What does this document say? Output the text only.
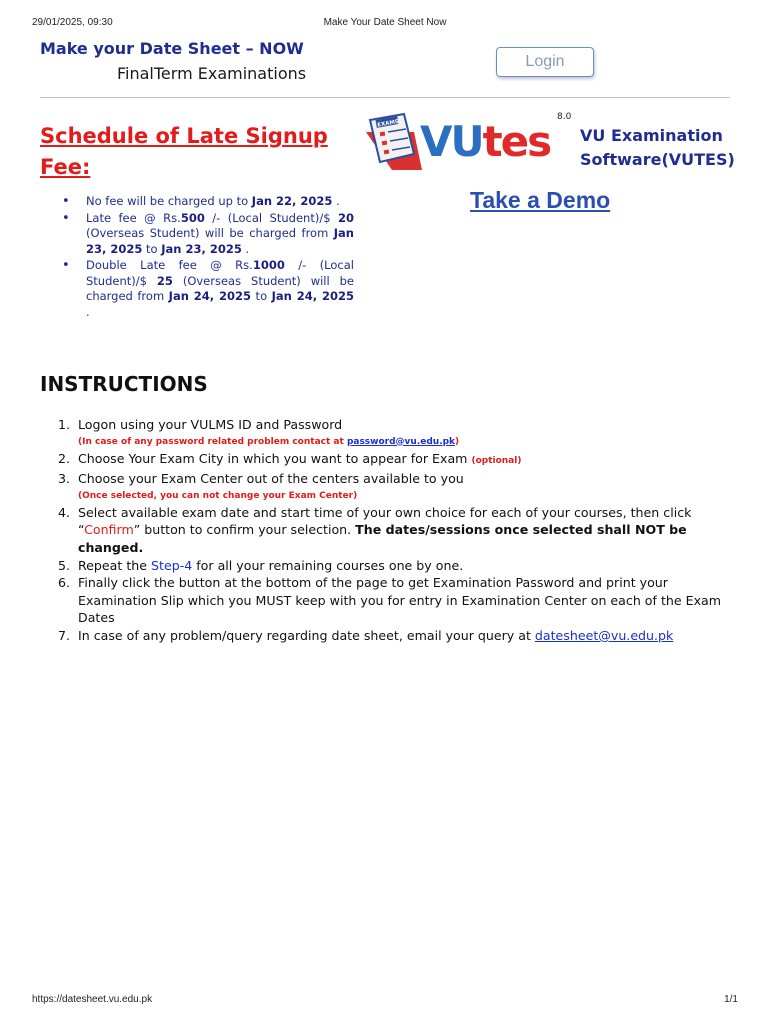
29/01/2025, 09:30	Make Your Date Sheet Now
Make your Date Sheet – NOW
FinalTerm Examinations
Login
Schedule of Late Signup Fee:
• No fee will be charged up to Jan 22, 2025 .
• Late fee @ Rs.500 /- (Local Student)/$ 20 (Overseas Student) will be charged from Jan 23, 2025 to Jan 23, 2025 .
• Double Late fee @ Rs.1000 /- (Local Student)/$ 25 (Overseas Student) will be charged from Jan 24, 2025 to Jan 24, 2025 .
EXAMS VUtes 8.0
VU Examination
Software(VUTES)
Take a Demo
INSTRUCTIONS
1. Logon using your VULMS ID and Password
(In case of any password related problem contact at password@vu.edu.pk)
2. Choose Your Exam City in which you want to appear for Exam (optional)
3. Choose your Exam Center out of the centers available to you
(Once selected, you can not change your Exam Center)
4. Select available exam date and start time of your own choice for each of your courses, then click “Confirm” button to confirm your selection. The dates/sessions once selected shall NOT be changed.
5. Repeat the Step-4 for all your remaining courses one by one.
6. Finally click the button at the bottom of the page to get Examination Password and print your Examination Slip which you MUST keep with you for entry in Examination Center on each of the Exam Dates
7. In case of any problem/query regarding date sheet, email your query at datesheet@vu.edu.pk
https://datesheet.vu.edu.pk	1/1
